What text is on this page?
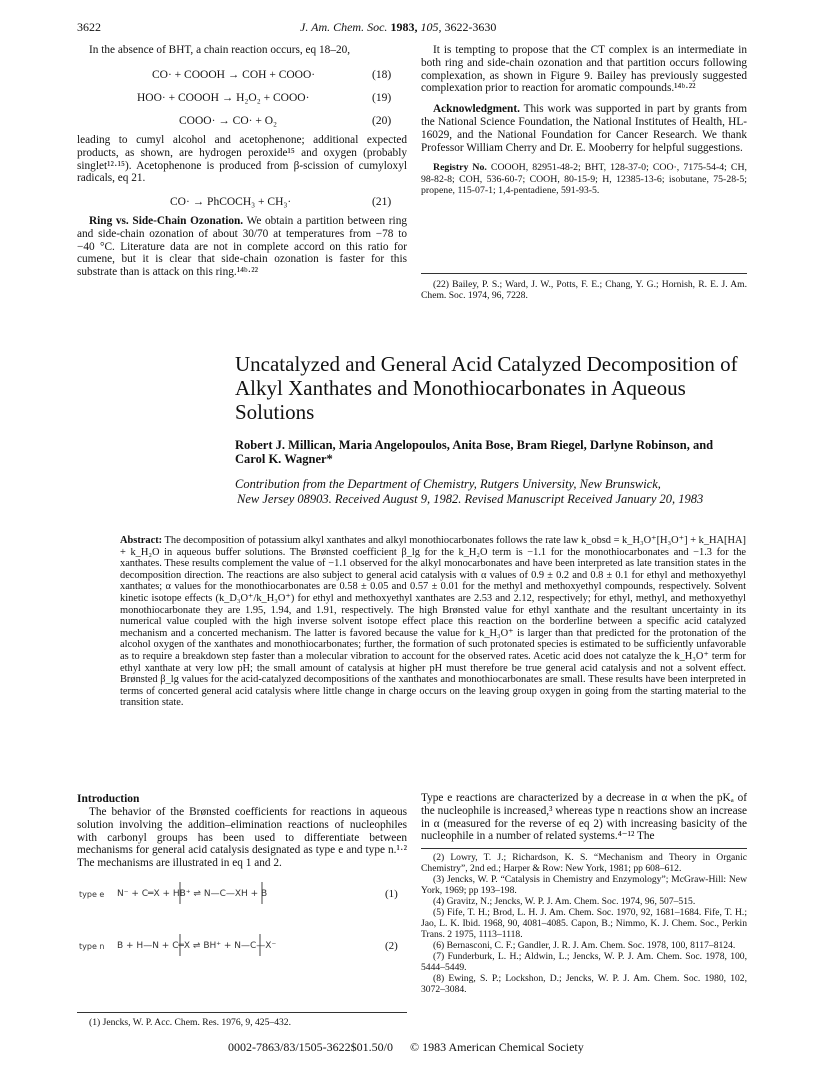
3622	J. Am. Chem. Soc. 1983, 105, 3622-3630

In the absence of BHT, a chain reaction occurs, eq 18–20,

CO· + COOOH → COH + COOO·	(18)
HOO· + COOOH → H₂O₂ + COOO·	(19)
COOO· → CO· + O₂	(20)

leading to cumyl alcohol and acetophenone; additional expected products, as shown, are hydrogen peroxide¹⁵ and oxygen (probably singlet¹²·¹⁵). Acetophenone is produced from β-scission of cumyloxyl radicals, eq 21.

CO· → PhCOCH₃ + CH₃·	(21)

Ring vs. Side-Chain Ozonation. We obtain a partition between ring and side-chain ozonation of about 30/70 at temperatures from −78 to −40 °C. Literature data are not in complete accord on this ratio for cumene, but it is clear that side-chain ozonation is faster for this substrate than is attack on this ring.¹⁴ᵇ·²²

It is tempting to propose that the CT complex is an intermediate in both ring and side-chain ozonation and that partition occurs following complexation, as shown in Figure 9. Bailey has previously suggested complexation prior to reaction for aromatic compounds.¹⁴ᵇ·²²

Acknowledgment. This work was supported in part by grants from the National Science Foundation, the National Institutes of Health, HL-16029, and the National Foundation for Cancer Research. We thank Professor William Cherry and Dr. E. Mooberry for helpful suggestions.

Registry No. COOOH, 82951-48-2; BHT, 128-37-0; COO·, 7175-54-4; CH, 98-82-8; COH, 536-60-7; COOH, 80-15-9; H, 12385-13-6; isobutane, 75-28-5; propene, 115-07-1; 1,4-pentadiene, 591-93-5.

(22) Bailey, P. S.; Ward, J. W., Potts, F. E.; Chang, Y. G.; Hornish, R. E. J. Am. Chem. Soc. 1974, 96, 7228.

Uncatalyzed and General Acid Catalyzed Decomposition of Alkyl Xanthates and Monothiocarbonates in Aqueous Solutions
Robert J. Millican, Maria Angelopoulos, Anita Bose, Bram Riegel, Darlyne Robinson, and
Carol K. Wagner*
Contribution from the Department of Chemistry, Rutgers University, New Brunswick,
New Jersey 08903. Received August 9, 1982. Revised Manuscript Received January 20, 1983

Abstract: The decomposition of potassium alkyl xanthates and alkyl monothiocarbonates follows the rate law k_obsd = k_H₃O⁺[H₃O⁺] + k_HA[HA] + k_H₂O in aqueous buffer solutions. The Brønsted coefficient β_lg for the k_H₂O term is −1.1 for the monothiocarbonates and −1.3 for the xanthates. These results complement the value of −1.1 observed for the alkyl monocarbonates and have been interpreted as late transition states in the decomposition direction. The reactions are also subject to general acid catalysis with α values of 0.9 ± 0.2 and 0.8 ± 0.1 for ethyl and methoxyethyl xanthates; α values for the monothiocarbonates are 0.58 ± 0.05 and 0.57 ± 0.01 for the methyl and methoxyethyl compounds, respectively. Solvent kinetic isotope effects (k_D₃O⁺/k_H₃O⁺) for ethyl and methoxyethyl xanthates are 2.53 and 2.12, respectively; for ethyl, methyl, and methoxyethyl monothiocarbonate they are 1.95, 1.94, and 1.91, respectively. The high Brønsted value for ethyl xanthate and the resultant uncertainty in its numerical value coupled with the high inverse solvent isotope effect place this reaction on the borderline between a specific acid catalyzed mechanism and a concerted mechanism. The latter is favored because the value for k_H₃O⁺ is larger than that predicted for the protonation of the alcohol oxygen of the xanthates and monothiocarbonates; further, the formation of such protonated species is estimated to be sufficiently unfavorable as to require a breakdown step faster than a molecular vibration to account for the observed rates. Acetic acid does not catalyze the k_H₃O⁺ term for ethyl xanthate at very low pH; the small amount of catalysis at higher pH must therefore be true general acid catalysis and not a solvent effect. Brønsted β_lg values for the acid-catalyzed decompositions of the xanthates and monothiocarbonates are small. These results have been interpreted in terms of concerted general acid catalysis where little change in charge occurs on the leaving group oxygen in going from the starting material to the transition state.

Introduction

The behavior of the Brønsted coefficients for reactions in aqueous solution involving the addition–elimination reactions of nucleophiles with carbonyl groups has been used to differentiate between mechanisms for general acid catalysis designated as type e and type n.¹·² The mechanisms are illustrated in eq 1 and 2.

type e N⁻ + C═X + HB⁺ ⇌ N—C—XH + B	(1)
type n B + H—N + C═X ⇌ BH⁺ + N—C—X⁻	(2)

(1) Jencks, W. P. Acc. Chem. Res. 1976, 9, 425–432.

Type e reactions are characterized by a decrease in α when the pKₐ of the nucleophile is increased,³ whereas type n reactions show an increase in α (measured for the reverse of eq 2) with increasing basicity of the nucleophile in a number of related systems.⁴⁻¹² The

(2) Lowry, T. J.; Richardson, K. S. “Mechanism and Theory in Organic Chemistry”, 2nd ed.; Harper & Row: New York, 1981; pp 608–612.

(3) Jencks, W. P. “Catalysis in Chemistry and Enzymology”; McGraw-Hill: New York, 1969; pp 193–198.

(4) Gravitz, N.; Jencks, W. P. J. Am. Chem. Soc. 1974, 96, 507–515.

(5) Fife, T. H.; Brod, L. H. J. Am. Chem. Soc. 1970, 92, 1681–1684. Fife, T. H.; Jao, L. K. Ibid. 1968, 90, 4081–4085. Capon, B.; Nimmo, K. J. Chem. Soc., Perkin Trans. 2 1975, 1113–1118.

(6) Bernasconi, C. F.; Gandler, J. R. J. Am. Chem. Soc. 1978, 100, 8117–8124.

(7) Funderburk, L. H.; Aldwin, L.; Jencks, W. P. J. Am. Chem. Soc. 1978, 100, 5444–5449.

(8) Ewing, S. P.; Lockshon, D.; Jencks, W. P. J. Am. Chem. Soc. 1980, 102, 3072–3084.

0002-7863/83/1505-3622$01.50/0 © 1983 American Chemical Society
